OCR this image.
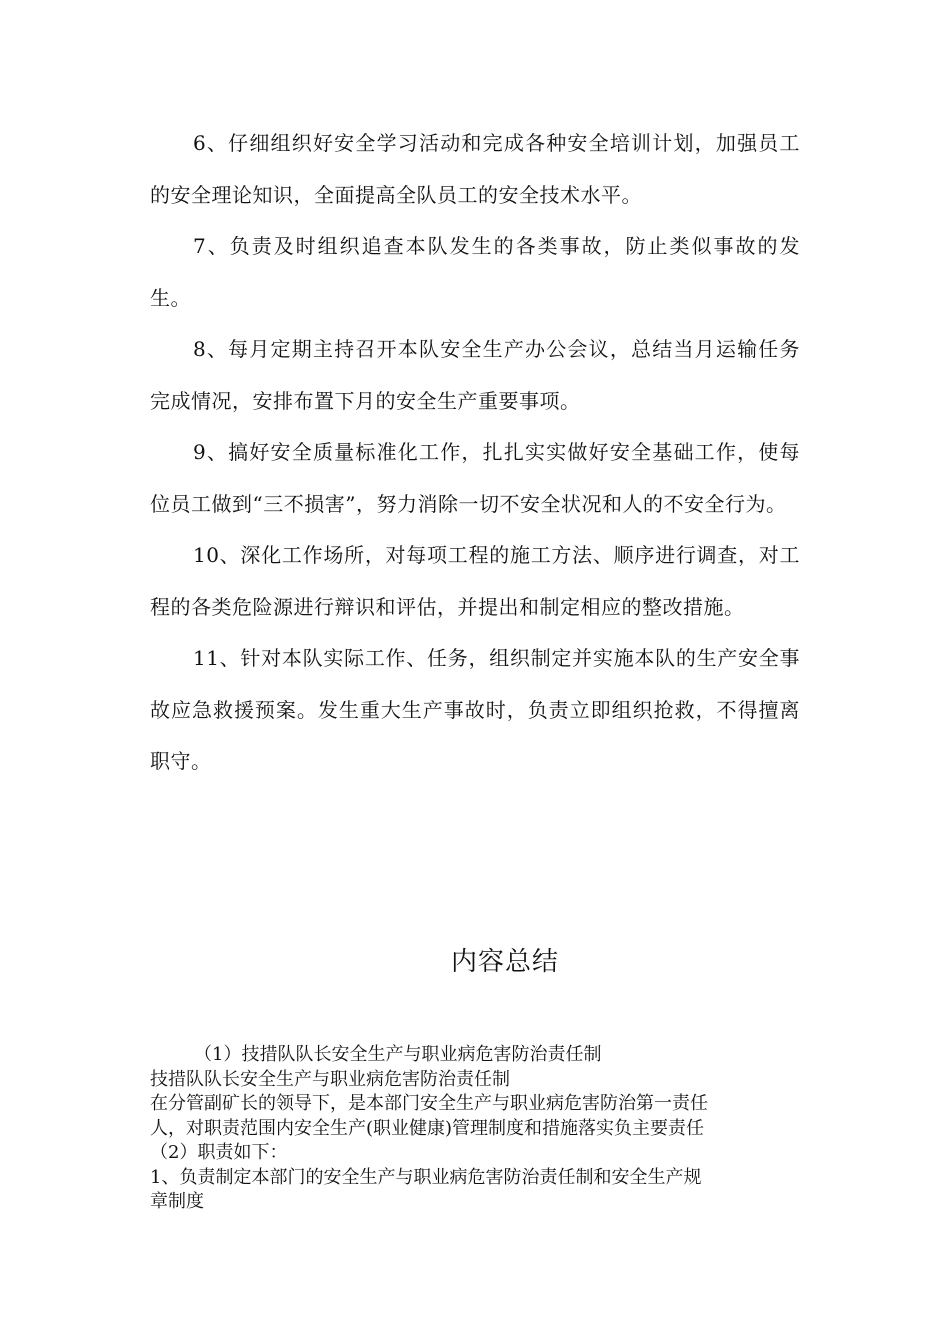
6、仔细组织好安全学习活动和完成各种安全培训计划，加强员工的安全理论知识，全面提高全队员工的安全技术水平。

7、负责及时组织追查本队发生的各类事故，防止类似事故的发生。

8、每月定期主持召开本队安全生产办公会议，总结当月运输任务完成情况，安排布置下月的安全生产重要事项。

9、搞好安全质量标准化工作，扎扎实实做好安全基础工作，使每位员工做到“三不损害”，努力消除一切不安全状况和人的不安全行为。

10、深化工作场所，对每项工程的施工方法、顺序进行调查，对工程的各类危险源进行辩识和评估，并提出和制定相应的整改措施。

11、针对本队实际工作、任务，组织制定并实施本队的生产安全事故应急救援预案。发生重大生产事故时，负责立即组织抢救，不得擅离职守。

内容总结
（1）技措队队长安全生产与职业病危害防治责任制
技措队队长安全生产与职业病危害防治责任制
在分管副矿长的领导下，是本部门安全生产与职业病危害防治第一责任
人，对职责范围内安全生产(职业健康)管理制度和措施落实负主要责任
（2）职责如下：
1、负责制定本部门的安全生产与职业病危害防治责任制和安全生产规
章制度
